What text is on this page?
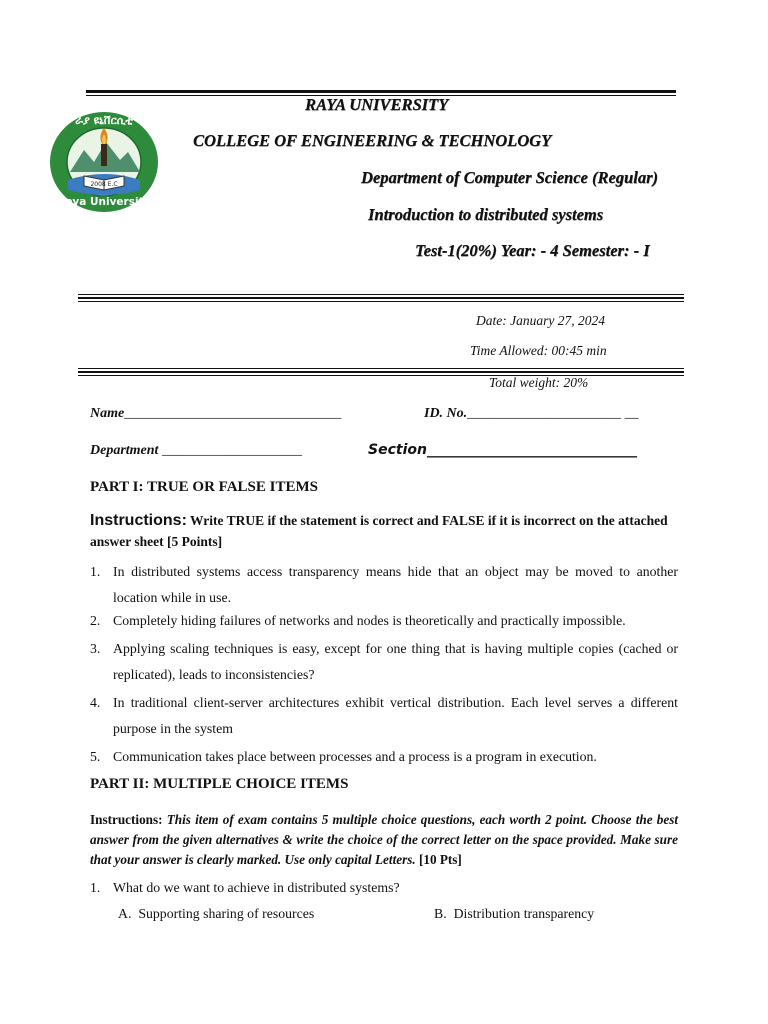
ራያ ዩኒቨርሲቲ
2008 E.C
Raya University
RAYA UNIVERSITY
COLLEGE OF ENGINEERING & TECHNOLOGY
Department of Computer Science (Regular)
Introduction to distributed systems
Test-1(20%) Year: - 4 Semester: - I
Date: January 27, 2024
Time Allowed: 00:45 min
Total weight: 20%
Name_______________________________	ID. No.______________________ __
Department ____________________	Section______________________________
PART I: TRUE OR FALSE ITEMS
Instructions: Write TRUE if the statement is correct and FALSE if it is incorrect on the attached answer sheet [5 Points]
1. In distributed systems access transparency means hide that an object may be moved to another location while in use.
2. Completely hiding failures of networks and nodes is theoretically and practically impossible.
3. Applying scaling techniques is easy, except for one thing that is having multiple copies (cached or replicated), leads to inconsistencies?
4. In traditional client-server architectures exhibit vertical distribution. Each level serves a different purpose in the system
5. Communication takes place between processes and a process is a program in execution.
PART II: MULTIPLE CHOICE ITEMS
Instructions: This item of exam contains 5 multiple choice questions, each worth 2 point. Choose the best answer from the given alternatives & write the choice of the correct letter on the space provided. Make sure that your answer is clearly marked. Use only capital Letters. [10 Pts]
1. What do we want to achieve in distributed systems?
A. Supporting sharing of resources	B. Distribution transparency
